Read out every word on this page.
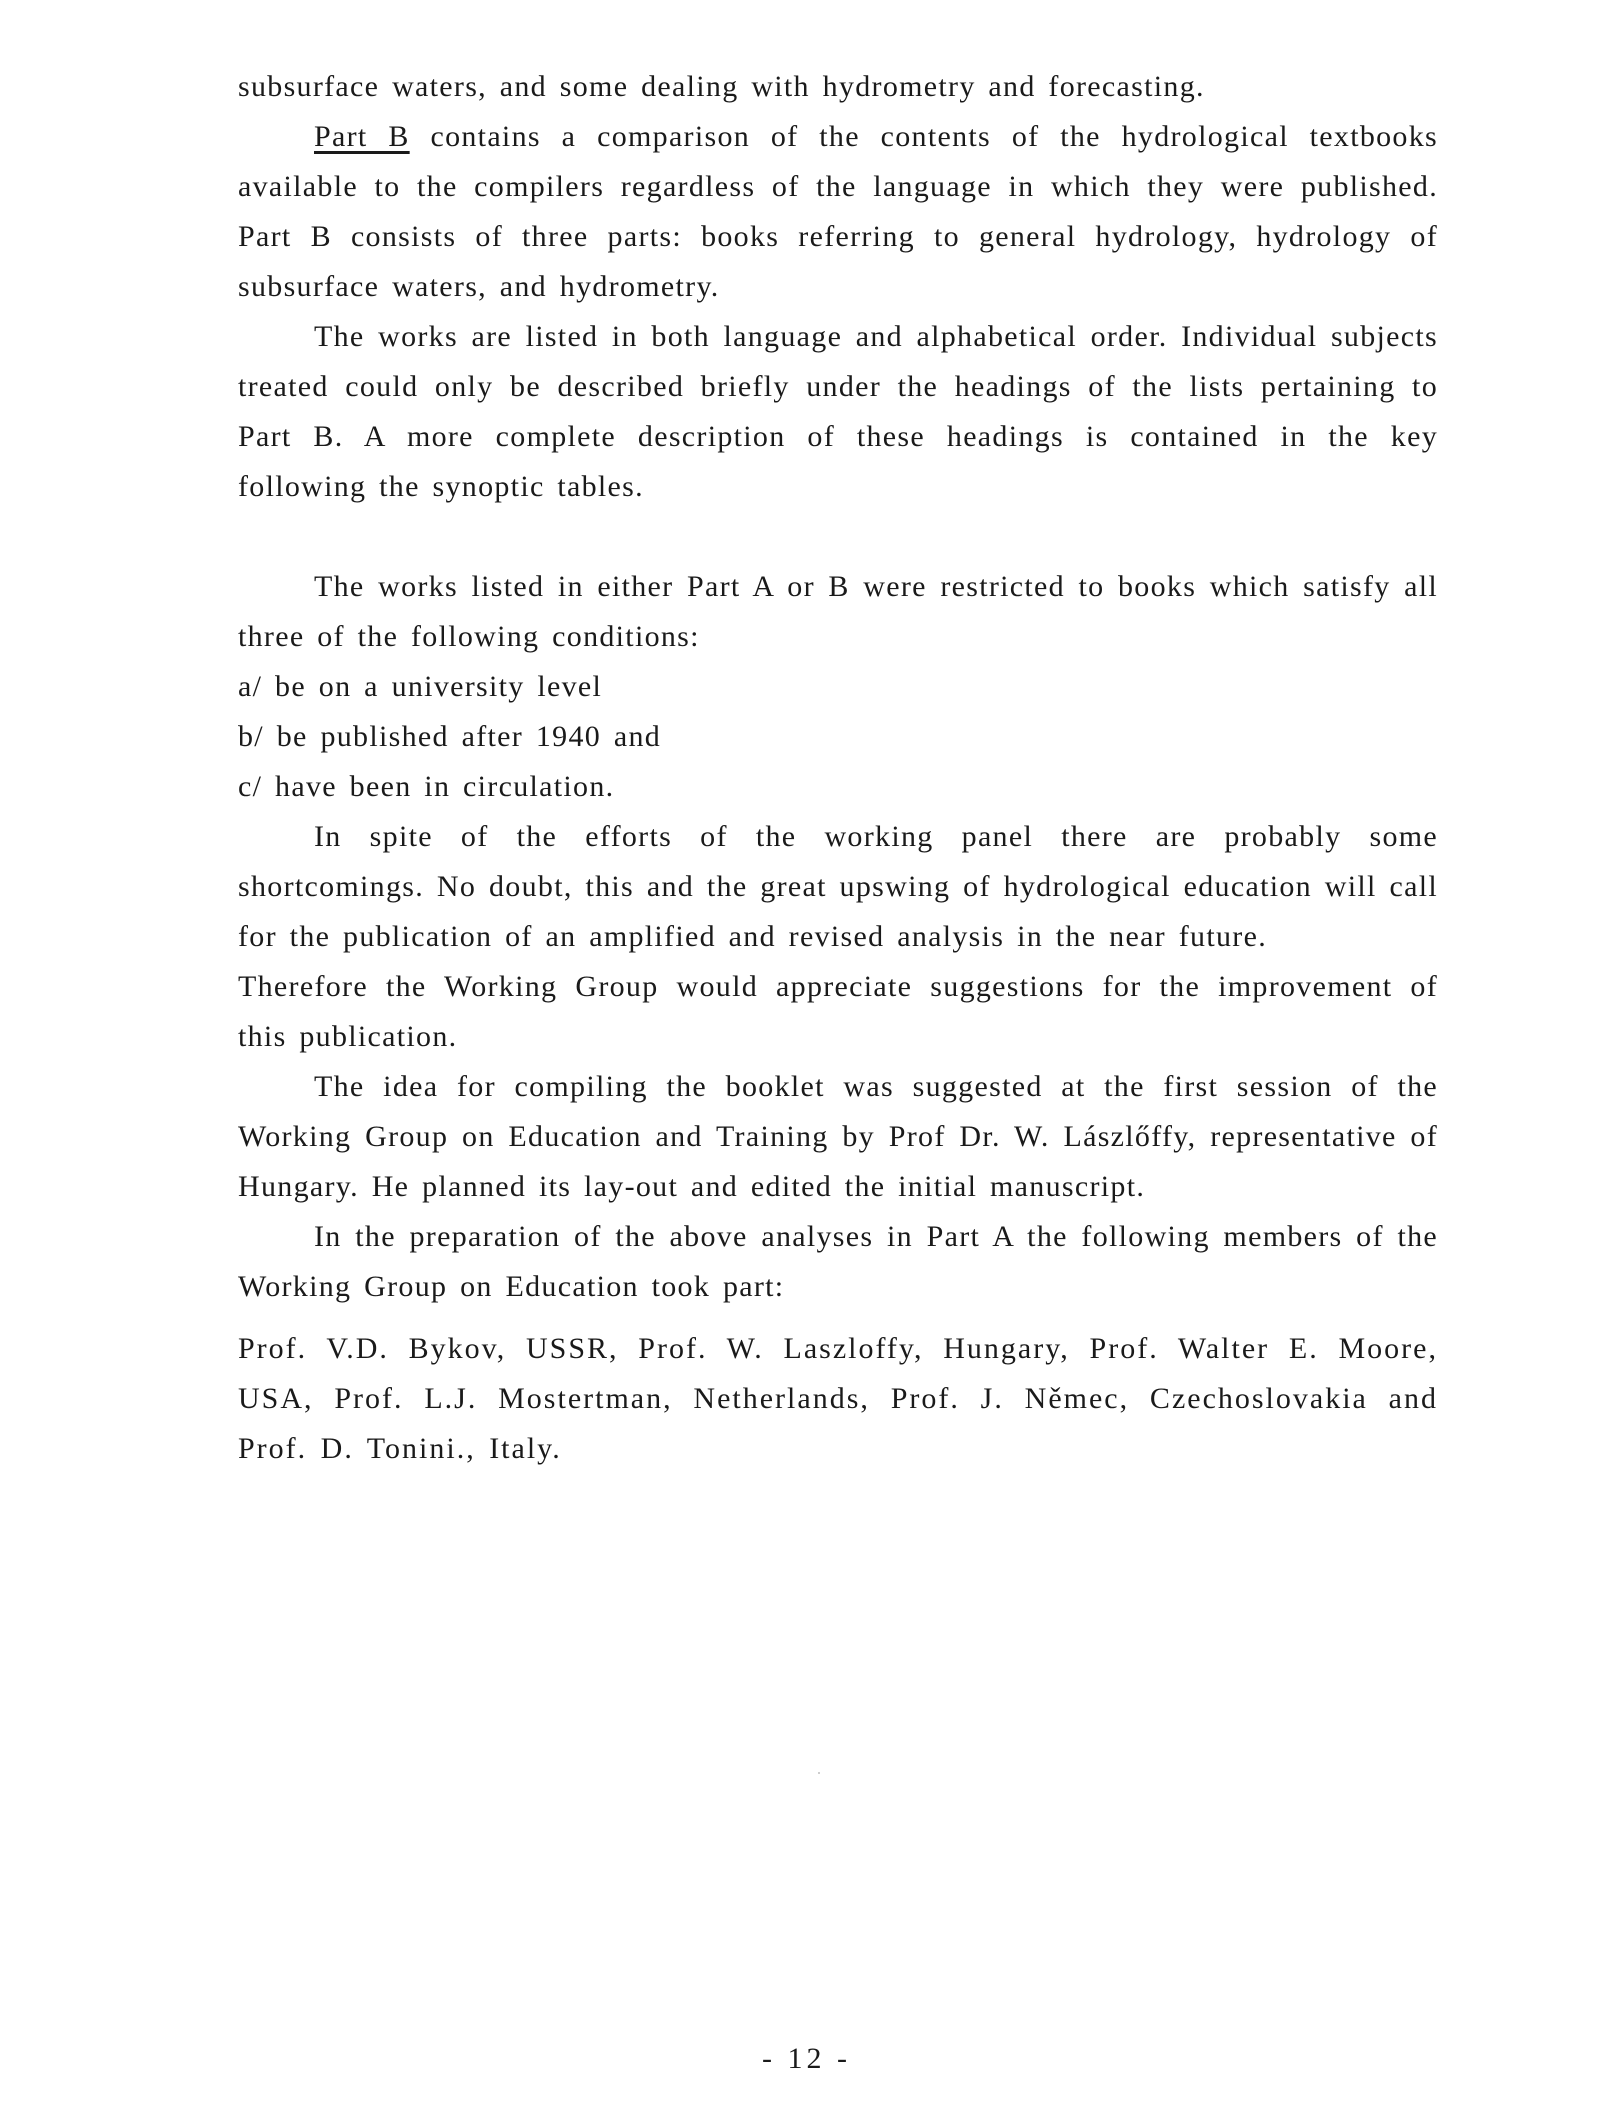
subsurface waters, and some dealing with hydrometry and forecasting.

Part B contains a comparison of the contents of the hydrological textbooks available to the compilers regardless of the language in which they were published. Part B consists of three parts: books referring to general hydrology, hydrology of subsurface waters, and hydrometry.

The works are listed in both language and alphabetical order. Individual subjects treated could only be described briefly under the headings of the lists pertaining to Part B. A more complete description of these headings is contained in the key following the synoptic tables.

The works listed in either Part A or B were restricted to books which satisfy all three of the following conditions:

a/ be on a university level

b/ be published after 1940 and

c/ have been in circulation.

In spite of the efforts of the working panel there are probably some shortcomings. No doubt, this and the great upswing of hydrological education will call for the publication of an amplified and revised analysis in the near future.

Therefore the Working Group would appreciate suggestions for the improvement of this publication.

The idea for compiling the booklet was suggested at the first session of the Working Group on Education and Training by Prof Dr. W. Lászlőffy, representative of Hungary. He planned its lay-out and edited the initial manuscript.

In the preparation of the above analyses in Part A the following members of the Working Group on Education took part:

Prof. V.D. Bykov, USSR, Prof. W. Laszloffy, Hungary, Prof. Walter E. Moore, USA, Prof. L.J. Mostertman, Netherlands, Prof. J. Němec, Czechoslovakia and Prof. D. Tonini., Italy.

- 12 -
